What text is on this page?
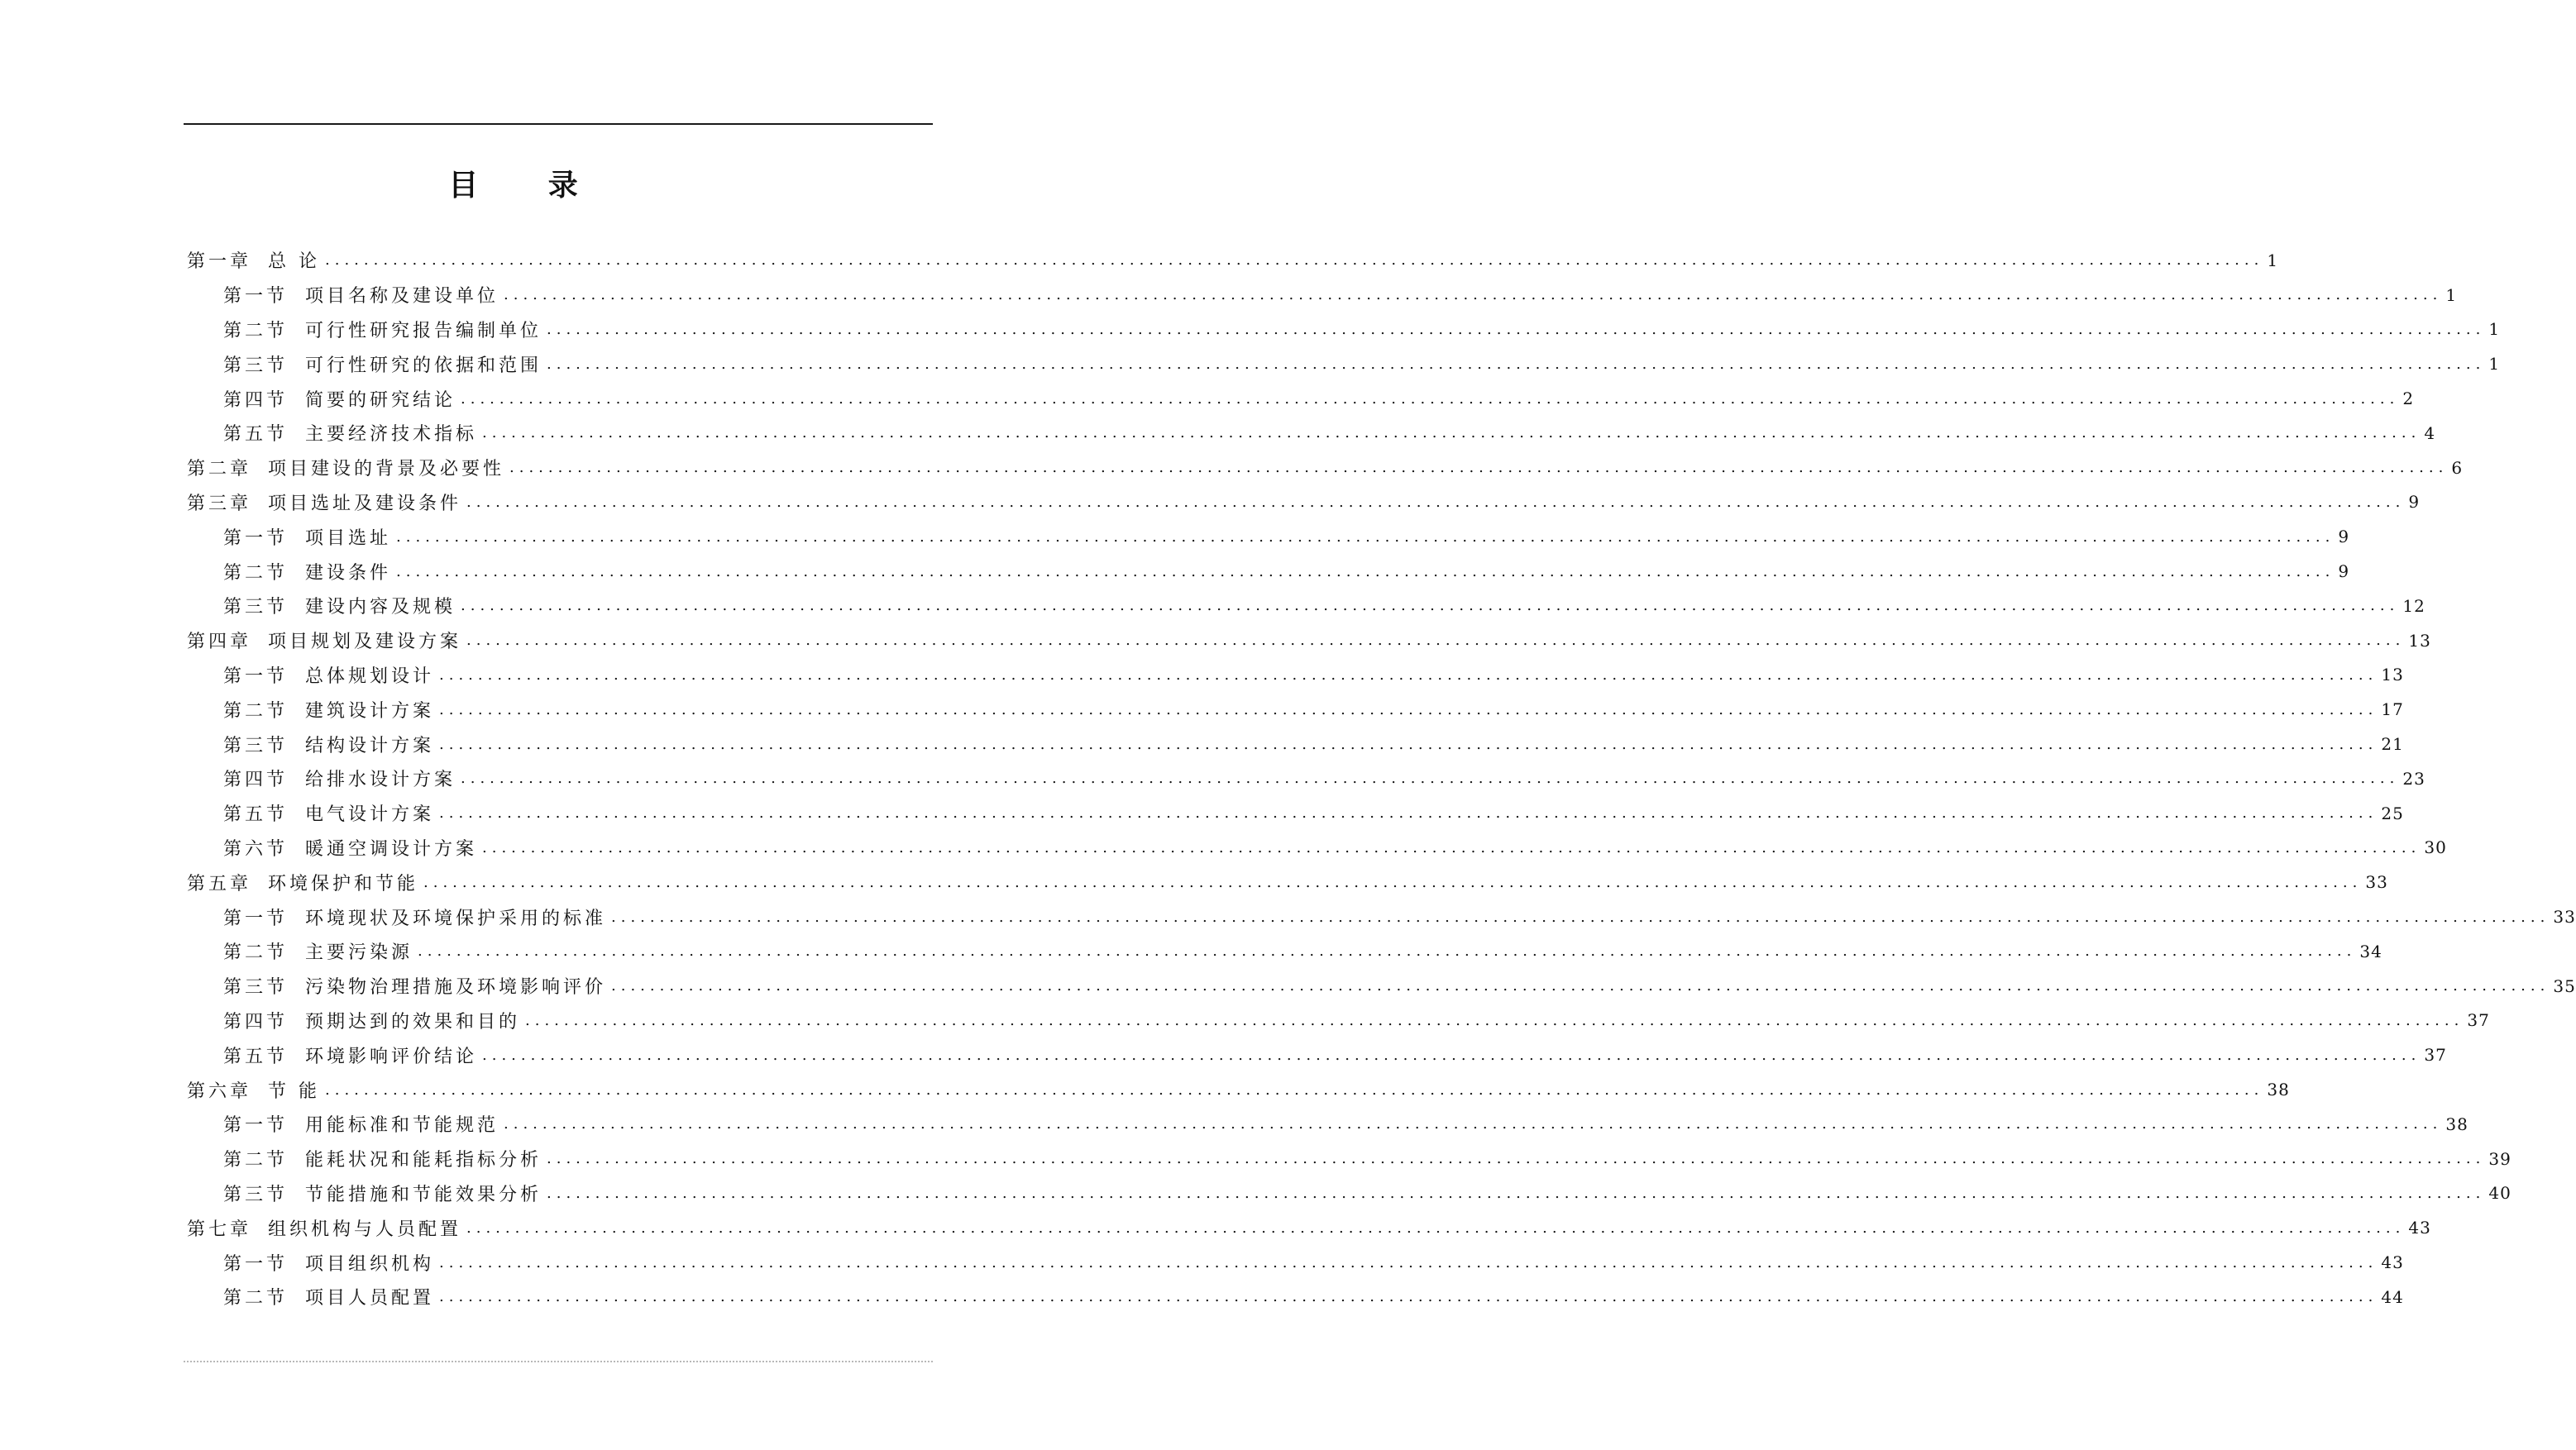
目 录
第一章 总 论 ........................................................................................................................................................................................................ 1
第一节 项目名称及建设单位 ........................................................................................................................................................................................................ 1
第二节 可行性研究报告编制单位 ........................................................................................................................................................................................................ 1
第三节 可行性研究的依据和范围 ........................................................................................................................................................................................................ 1
第四节 简要的研究结论 ........................................................................................................................................................................................................ 2
第五节 主要经济技术指标 ........................................................................................................................................................................................................ 4
第二章 项目建设的背景及必要性 ........................................................................................................................................................................................................ 6
第三章 项目选址及建设条件 ........................................................................................................................................................................................................ 9
第一节 项目选址 ........................................................................................................................................................................................................ 9
第二节 建设条件 ........................................................................................................................................................................................................ 9
第三节 建设内容及规模 ........................................................................................................................................................................................................ 12
第四章 项目规划及建设方案 ........................................................................................................................................................................................................ 13
第一节 总体规划设计 ........................................................................................................................................................................................................ 13
第二节 建筑设计方案 ........................................................................................................................................................................................................ 17
第三节 结构设计方案 ........................................................................................................................................................................................................ 21
第四节 给排水设计方案 ........................................................................................................................................................................................................ 23
第五节 电气设计方案 ........................................................................................................................................................................................................ 25
第六节 暖通空调设计方案 ........................................................................................................................................................................................................ 30
第五章 环境保护和节能 ........................................................................................................................................................................................................ 33
第一节 环境现状及环境保护采用的标准 ........................................................................................................................................................................................................ 33
第二节 主要污染源 ........................................................................................................................................................................................................ 34
第三节 污染物治理措施及环境影响评价 ........................................................................................................................................................................................................ 35
第四节 预期达到的效果和目的 ........................................................................................................................................................................................................ 37
第五节 环境影响评价结论 ........................................................................................................................................................................................................ 37
第六章 节 能 ........................................................................................................................................................................................................ 38
第一节 用能标准和节能规范 ........................................................................................................................................................................................................ 38
第二节 能耗状况和能耗指标分析 ........................................................................................................................................................................................................ 39
第三节 节能措施和节能效果分析 ........................................................................................................................................................................................................ 40
第七章 组织机构与人员配置 ........................................................................................................................................................................................................ 43
第一节 项目组织机构 ........................................................................................................................................................................................................ 43
第二节 项目人员配置 ........................................................................................................................................................................................................ 44
